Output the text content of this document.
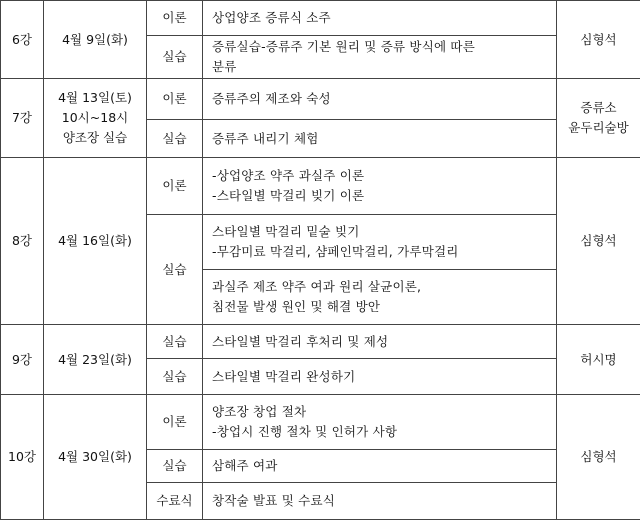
6강	4월 9일(화)	이론	상업양조 증류식 소주	심형석

		실습	증류실습-증류주 기본 원리 및 증류 방식에 따른
분류	

7강	4월 13일(토)
10시~18시
양조장 실습	이론	증류주의 제조와 숙성	증류소
윤두리술방

		실습	증류주 내리기 체험	

8강	4월 16일(화)	이론	-상업양조 약주 과실주 이론
-스타일별 막걸리 빚기 이론	심형석

		실습	스타일별 막걸리 밑술 빚기
-무감미료 막걸리, 샴페인막걸리, 가루막걸리	

			과실주 제조 약주 여과 원리 살균이론,
침전물 발생 원인 및 해결 방안	

9강	4월 23일(화)	실습	스타일별 막걸리 후처리 및 제성	허시명

		실습	스타일별 막걸리 완성하기	

10강	4월 30일(화)	이론	양조장 창업 절차
-창업시 진행 절차 및 인허가 사항	심형석

		실습	삼해주 여과	

		수료식	창작술 발표 및 수료식	
